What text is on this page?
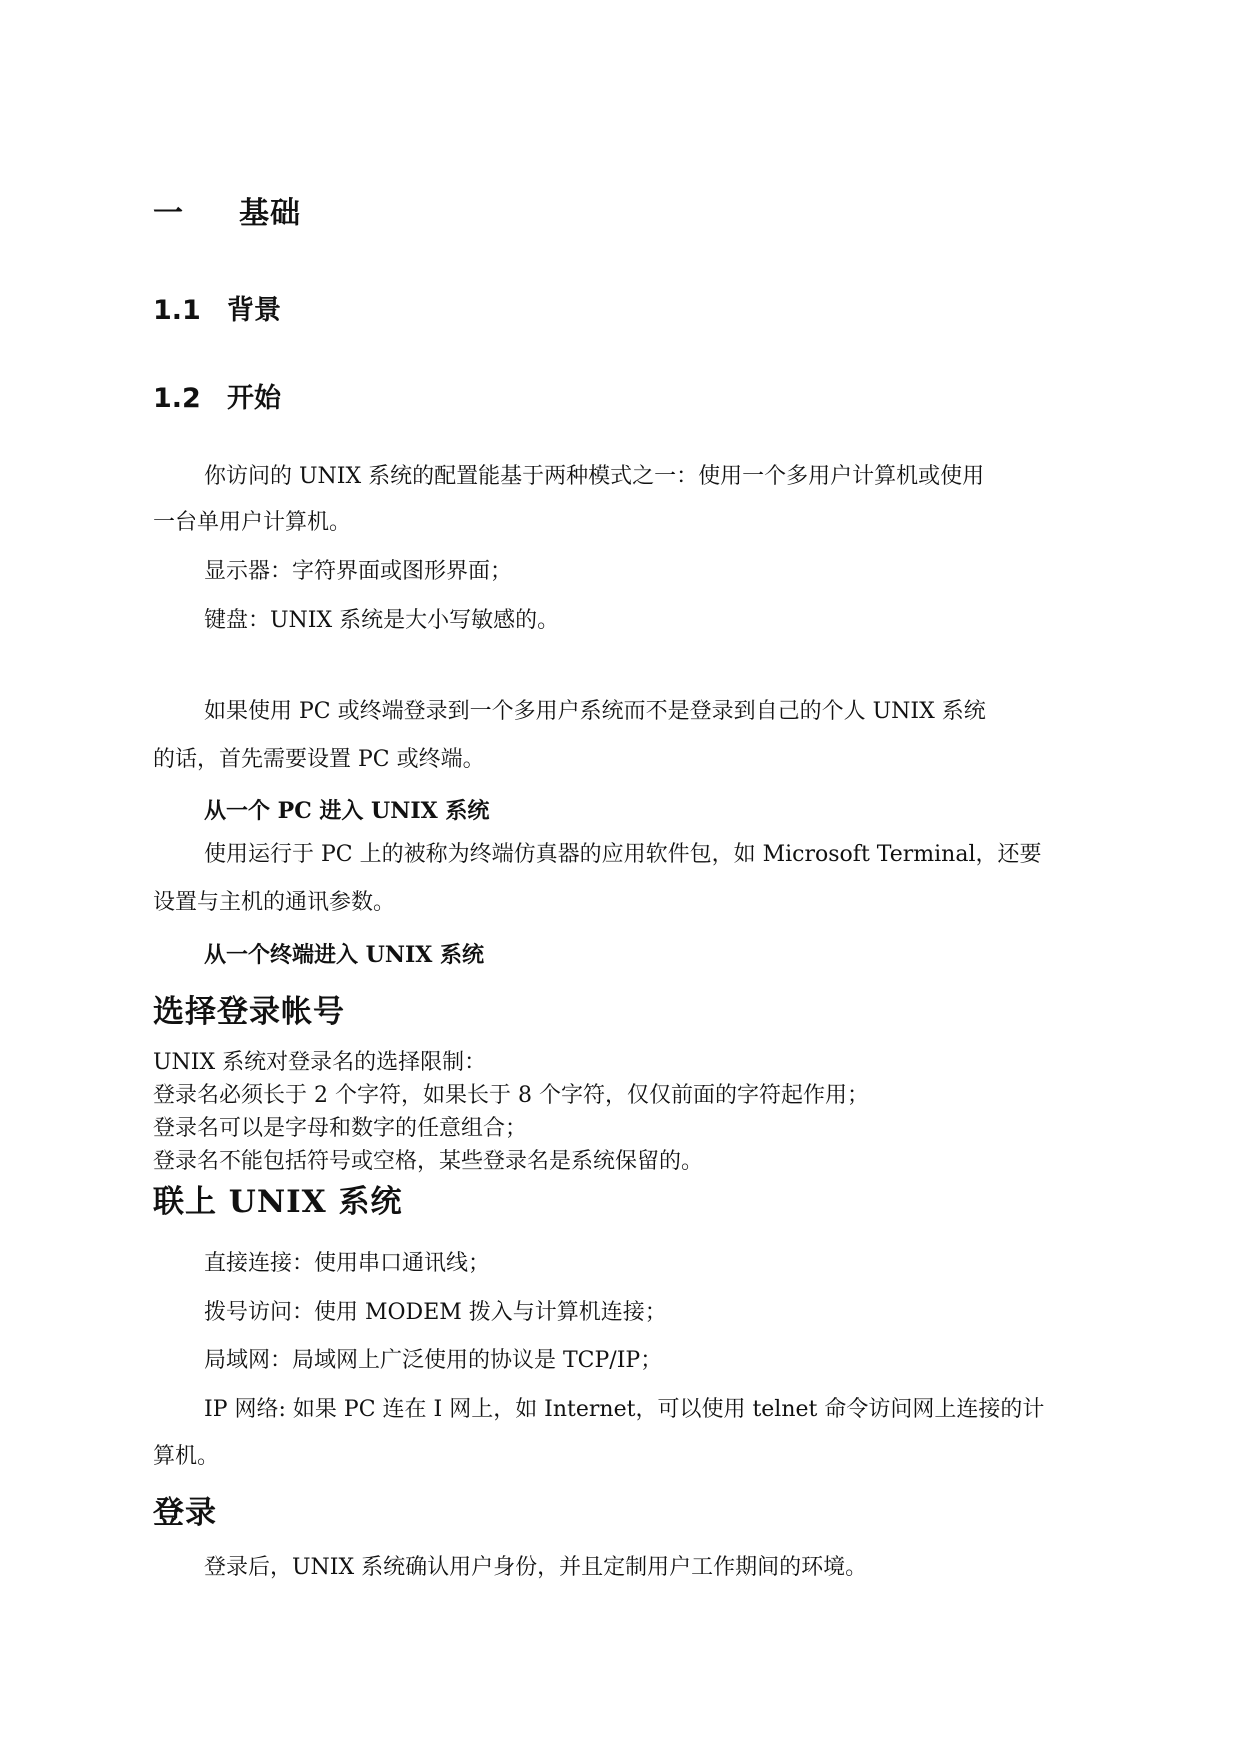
一 基础
1.1 背景
1.2 开始

你访问的 UNIX 系统的配置能基于两种模式之一：使用一个多用户计算机或使用

一台单用户计算机。

显示器：字符界面或图形界面；

键盘：UNIX 系统是大小写敏感的。

如果使用 PC 或终端登录到一个多用户系统而不是登录到自己的个人 UNIX 系统

的话，首先需要设置 PC 或终端。

从一个 PC 进入 UNIX 系统

使用运行于 PC 上的被称为终端仿真器的应用软件包，如 Microsoft Terminal，还要

设置与主机的通讯参数。

从一个终端进入 UNIX 系统

选择登录帐号

UNIX 系统对登录名的选择限制：
登录名必须长于 2 个字符，如果长于 8 个字符，仅仅前面的字符起作用；
登录名可以是字母和数字的任意组合；
登录名不能包括符号或空格，某些登录名是系统保留的。

联上 UNIX 系统

直接连接：使用串口通讯线；

拨号访问：使用 MODEM 拨入与计算机连接；

局域网：局域网上广泛使用的协议是 TCP/IP；

IP 网络: 如果 PC 连在 I 网上，如 Internet，可以使用 telnet 命令访问网上连接的计

算机。

登录

登录后，UNIX 系统确认用户身份，并且定制用户工作期间的环境。
